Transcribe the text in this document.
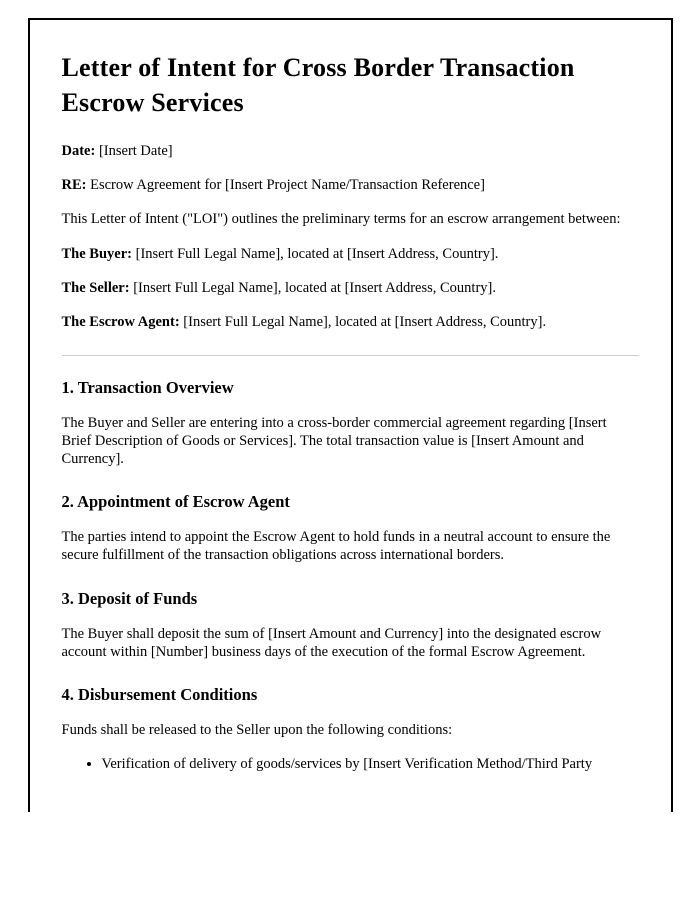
Letter of Intent for Cross Border Transaction Escrow Services

Date: [Insert Date]

RE: Escrow Agreement for [Insert Project Name/Transaction Reference]

This Letter of Intent ("LOI") outlines the preliminary terms for an escrow arrangement between:

The Buyer: [Insert Full Legal Name], located at [Insert Address, Country].

The Seller: [Insert Full Legal Name], located at [Insert Address, Country].

The Escrow Agent: [Insert Full Legal Name], located at [Insert Address, Country].

1. Transaction Overview

The Buyer and Seller are entering into a cross-border commercial agreement regarding [Insert Brief Description of Goods or Services]. The total transaction value is [Insert Amount and Currency].

2. Appointment of Escrow Agent

The parties intend to appoint the Escrow Agent to hold funds in a neutral account to ensure the secure fulfillment of the transaction obligations across international borders.

3. Deposit of Funds

The Buyer shall deposit the sum of [Insert Amount and Currency] into the designated escrow account within [Number] business days of the execution of the formal Escrow Agreement.

4. Disbursement Conditions

Funds shall be released to the Seller upon the following conditions:

• Verification of delivery of goods/services by [Insert Verification Method/Third Party
